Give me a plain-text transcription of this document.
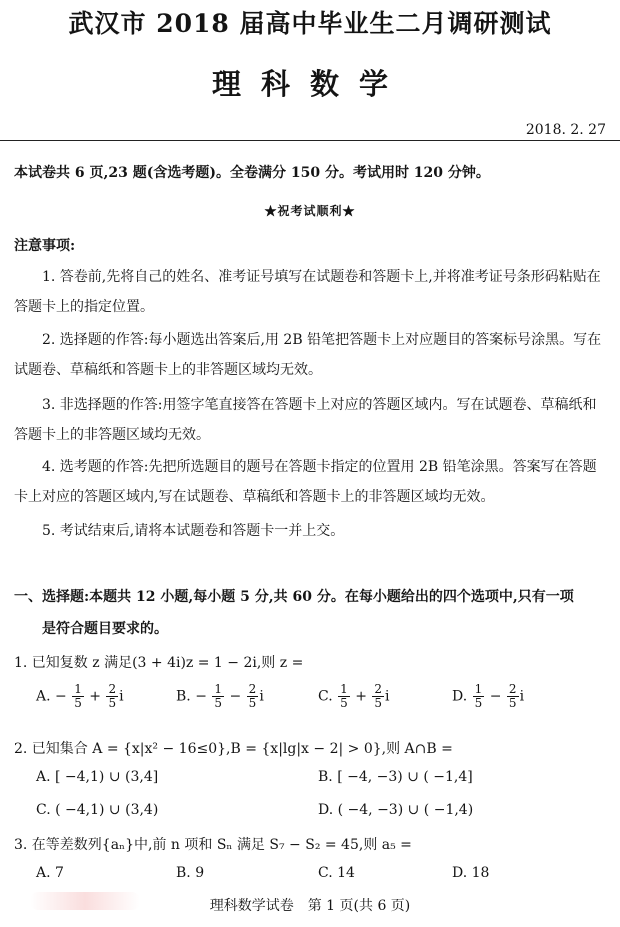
武汉市 2018 届高中毕业生二月调研测试
理科数学
2018. 2. 27
本试卷共 6 页,23 题(含选考题)。全卷满分 150 分。考试用时 120 分钟。
★祝考试顺利★
注意事项:
1. 答卷前,先将自己的姓名、准考证号填写在试题卷和答题卡上,并将准考证号条形码粘贴在答题卡上的指定位置。
2. 选择题的作答:每小题选出答案后,用 2B 铅笔把答题卡上对应题目的答案标号涂黑。写在试题卷、草稿纸和答题卡上的非答题区域均无效。
3. 非选择题的作答:用签字笔直接答在答题卡上对应的答题区域内。写在试题卷、草稿纸和答题卡上的非答题区域均无效。
4. 选考题的作答:先把所选题目的题号在答题卡指定的位置用 2B 铅笔涂黑。答案写在答题卡上对应的答题区域内,写在试题卷、草稿纸和答题卡上的非答题区域均无效。
5. 考试结束后,请将本试题卷和答题卡一并上交。
一、选择题:本题共 12 小题,每小题 5 分,共 60 分。在每小题给出的四个选项中,只有一项
是符合题目要求的。
1. 已知复数 z 满足(3 + 4i)z = 1 − 2i,则 z =
A. − $\frac{1}{5} + \frac{2}{5}$ i	B. − $\frac{1}{5} - \frac{2}{5}$ i	C. $\frac{1}{5} + \frac{2}{5}$ i	D. $\frac{1}{5} - \frac{2}{5}$ i
2. 已知集合 A = {x|x² − 16≤0},B = {x|lg|x − 2| > 0},则 A∩B =
A. [ −4,1) ∪ (3,4]	B. [ −4, −3) ∪ ( −1,4]
C. ( −4,1) ∪ (3,4)	D. ( −4, −3) ∪ ( −1,4)
3. 在等差数列{aₙ}中,前 n 项和 Sₙ 满足 S₇ − S₂ = 45,则 a₅ =
A. 7	B. 9	C. 14	D. 18
理科数学试卷　第 1 页(共 6 页)
